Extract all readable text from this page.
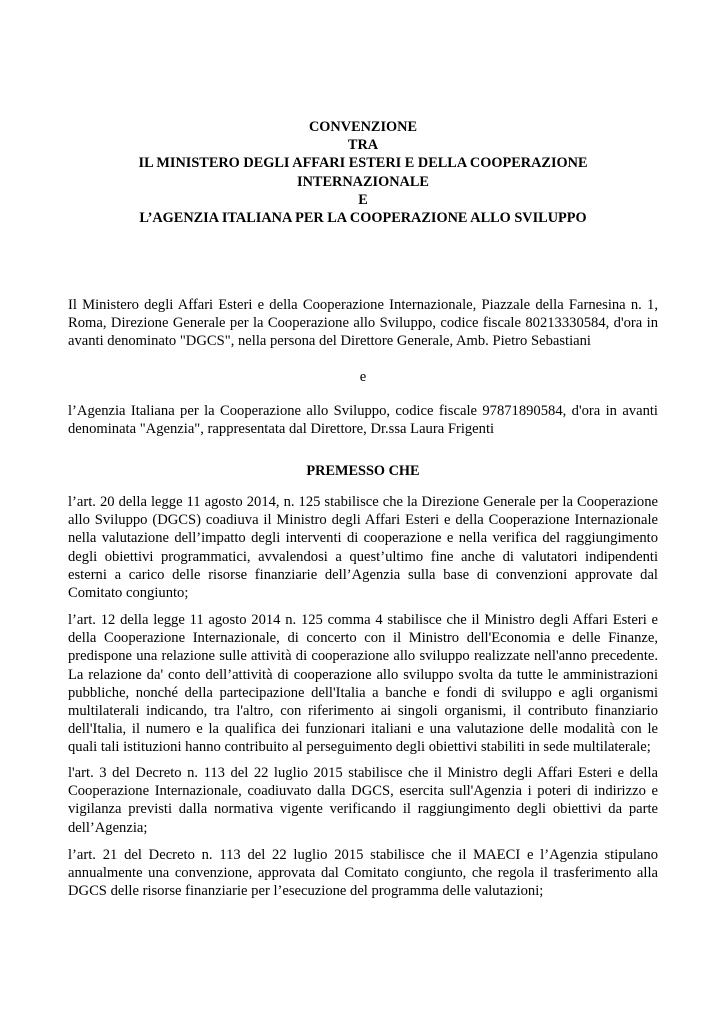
CONVENZIONE
TRA
IL MINISTERO DEGLI AFFARI ESTERI E DELLA COOPERAZIONE
INTERNAZIONALE
E
L’AGENZIA ITALIANA PER LA COOPERAZIONE ALLO SVILUPPO

Il Ministero degli Affari Esteri e della Cooperazione Internazionale, Piazzale della Farnesina n. 1, Roma, Direzione Generale per la Cooperazione allo Sviluppo, codice fiscale 80213330584, d'ora in avanti denominato "DGCS", nella persona del Direttore Generale, Amb. Pietro Sebastiani

e

l’Agenzia Italiana per la Cooperazione allo Sviluppo, codice fiscale 97871890584, d'ora in avanti denominata "Agenzia", rappresentata dal Direttore, Dr.ssa Laura Frigenti

PREMESSO CHE

l’art. 20 della legge 11 agosto 2014, n. 125 stabilisce che la Direzione Generale per la Cooperazione allo Sviluppo (DGCS) coadiuva il Ministro degli Affari Esteri e della Cooperazione Internazionale nella valutazione dell’impatto degli interventi di cooperazione e nella verifica del raggiungimento degli obiettivi programmatici, avvalendosi a quest’ultimo fine anche di valutatori indipendenti esterni a carico delle risorse finanziarie dell’Agenzia sulla base di convenzioni approvate dal Comitato congiunto;

l’art. 12 della legge 11 agosto 2014 n. 125 comma 4 stabilisce che il Ministro degli Affari Esteri e della Cooperazione Internazionale, di concerto con il Ministro dell'Economia e delle Finanze, predispone una relazione sulle attività di cooperazione allo sviluppo realizzate nell'anno precedente. La relazione da' conto dell’attività di cooperazione allo sviluppo svolta da tutte le amministrazioni pubbliche, nonché della partecipazione dell'Italia a banche e fondi di sviluppo e agli organismi multilaterali indicando, tra l'altro, con riferimento ai singoli organismi, il contributo finanziario dell'Italia, il numero e la qualifica dei funzionari italiani e una valutazione delle modalità con le quali tali istituzioni hanno contribuito al perseguimento degli obiettivi stabiliti in sede multilaterale;

l'art. 3 del Decreto n. 113 del 22 luglio 2015 stabilisce che il Ministro degli Affari Esteri e della Cooperazione Internazionale, coadiuvato dalla DGCS, esercita sull'Agenzia i poteri di indirizzo e vigilanza previsti dalla normativa vigente verificando il raggiungimento degli obiettivi da parte dell’Agenzia;

l’art. 21 del Decreto n. 113 del 22 luglio 2015 stabilisce che il MAECI e l’Agenzia stipulano annualmente una convenzione, approvata dal Comitato congiunto, che regola il trasferimento alla DGCS delle risorse finanziarie per l’esecuzione del programma delle valutazioni;
